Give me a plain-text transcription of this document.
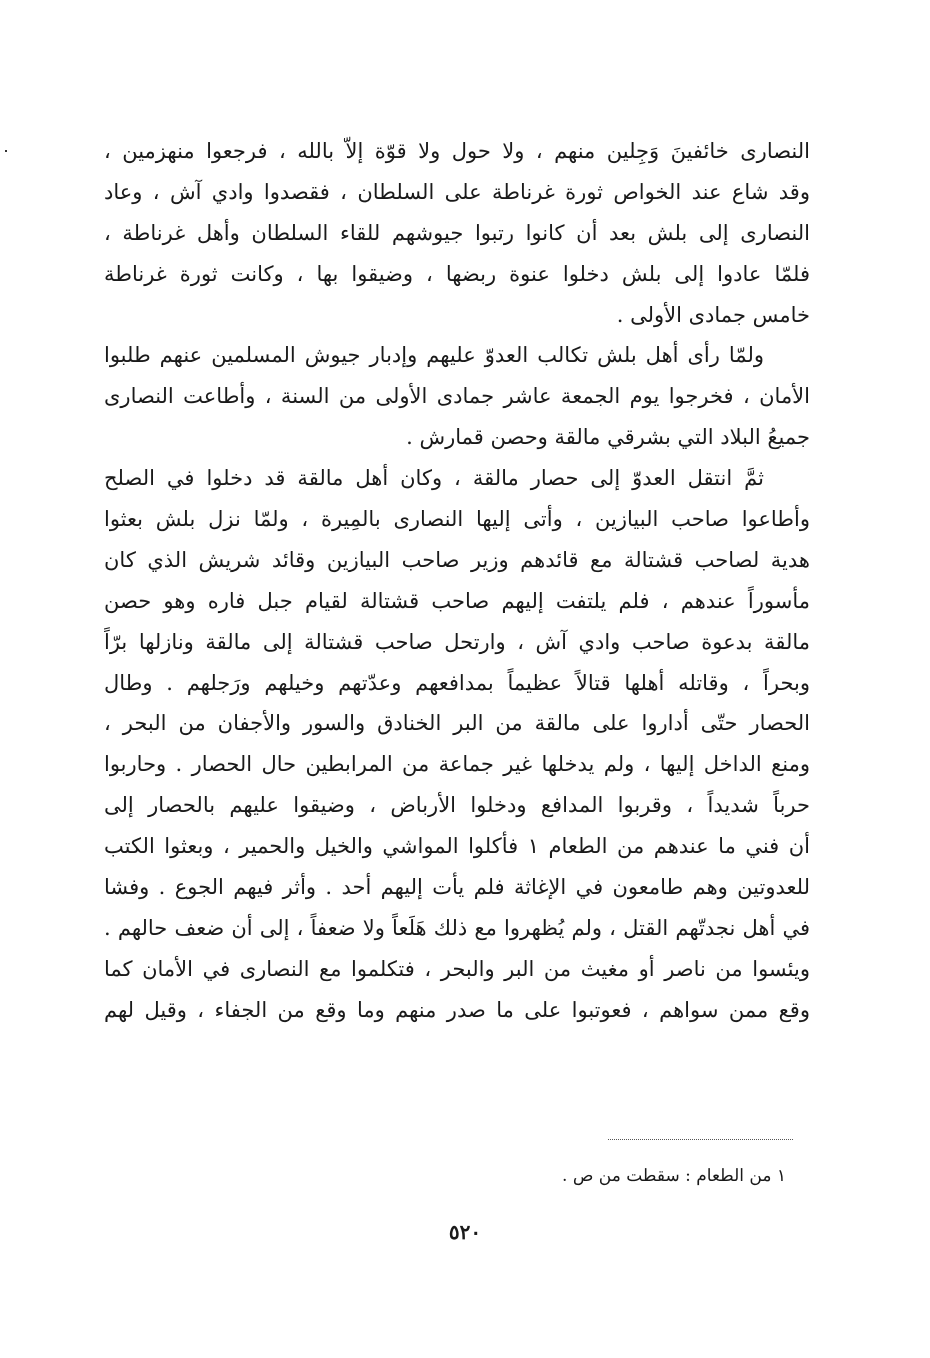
النصارى خائفينَ وَجِلين منهم ، ولا حول ولا قوّة إلاّ بالله ، فرجعوا منهزمين ،
وقد شاع عند الخواص ثورة غرناطة على السلطان ، فقصدوا وادي آش ، وعاد
النصارى إلى بلش بعد أن كانوا رتبوا جيوشهم للقاء السلطان وأهل غرناطة ،
فلمّا عادوا إلى بلش دخلوا عنوة ربضها ، وضيقوا بها ، وكانت ثورة غرناطة
خامس جمادى الأولى .
ولمّا رأى أهل بلش تكالب العدوّ عليهم وإدبار جيوش المسلمين عنهم طلبوا
الأمان ، فخرجوا يوم الجمعة عاشر جمادى الأولى من السنة ، وأطاعت النصارى
جميعُ البلاد التي بشرقي مالقة وحصن قمارش .
ثمَّ انتقل العدوّ إلى حصار مالقة ، وكان أهل مالقة قد دخلوا في الصلح
وأطاعوا صاحب البيازين ، وأتى إليها النصارى بالمِيرة ، ولمّا نزل بلش بعثوا
هدية لصاحب قشتالة مع قائدهم وزير صاحب البيازين وقائد شريش الذي كان
مأسوراً عندهم ، فلم يلتفت إليهم صاحب قشتالة لقيام جبل فاره وهو حصن
مالقة بدعوة صاحب وادي آش ، وارتحل صاحب قشتالة إلى مالقة ونازلها برّاً
وبحراً ، وقاتله أهلها قتالاً عظيماً بمدافعهم وعدّتهم وخيلهم ورَجلهم . وطال
الحصار حتّى أداروا على مالقة من البر الخنادق والسور والأجفان من البحر ،
ومنع الداخل إليها ، ولم يدخلها غير جماعة من المرابطين حال الحصار . وحاربوا
حرباً شديداً ، وقربوا المدافع ودخلوا الأرباض ، وضيقوا عليهم بالحصار إلى
أن فني ما عندهم من الطعام ١ فأكلوا المواشي والخيل والحمير ، وبعثوا الكتب
للعدوتين وهم طامعون في الإغاثة فلم يأت إليهم أحد . وأثر فيهم الجوع . وفشا
في أهل نجدتّهم القتل ، ولم يُظهروا مع ذلك هَلَعاً ولا ضعفاً ، إلى أن ضعف حالهم .
ويئسوا من ناصر أو مغيث من البر والبحر ، فتكلموا مع النصارى في الأمان كما
وقع ممن سواهم ، فعوتبوا على ما صدر منهم وما وقع من الجفاء ، وقيل لهم
١ من الطعام : سقطت من ص .
٥٢٠
